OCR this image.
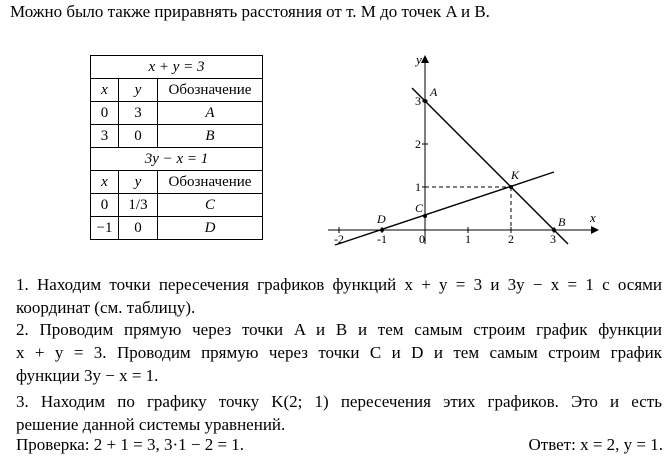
Можно было также приравнять расстояния от т. M до точек A и B.
x + y = 3		
x	y	Обозначение
0	3	A
3	0	B
3y − x = 1		
x	y	Обозначение
0	1/3	C
−1	0	D
x
y
-2	-1	0	1	2	3
1
2
3
A
B
C
D
K
1. Находим точки пересечения графиков функций x + y = 3 и 3y − x = 1 с осями
координат (см. таблицу).
2. Проводим прямую через точки A и B и тем самым строим график функции
x + y = 3. Проводим прямую через точки C и D и тем самым строим график
функции 3y − x = 1.
3. Находим по графику точку K(2; 1) пересечения этих графиков. Это и есть
решение данной системы уравнений.
Проверка: 2 + 1 = 3, 3·1 − 2 = 1.	Ответ: x = 2, y = 1.
